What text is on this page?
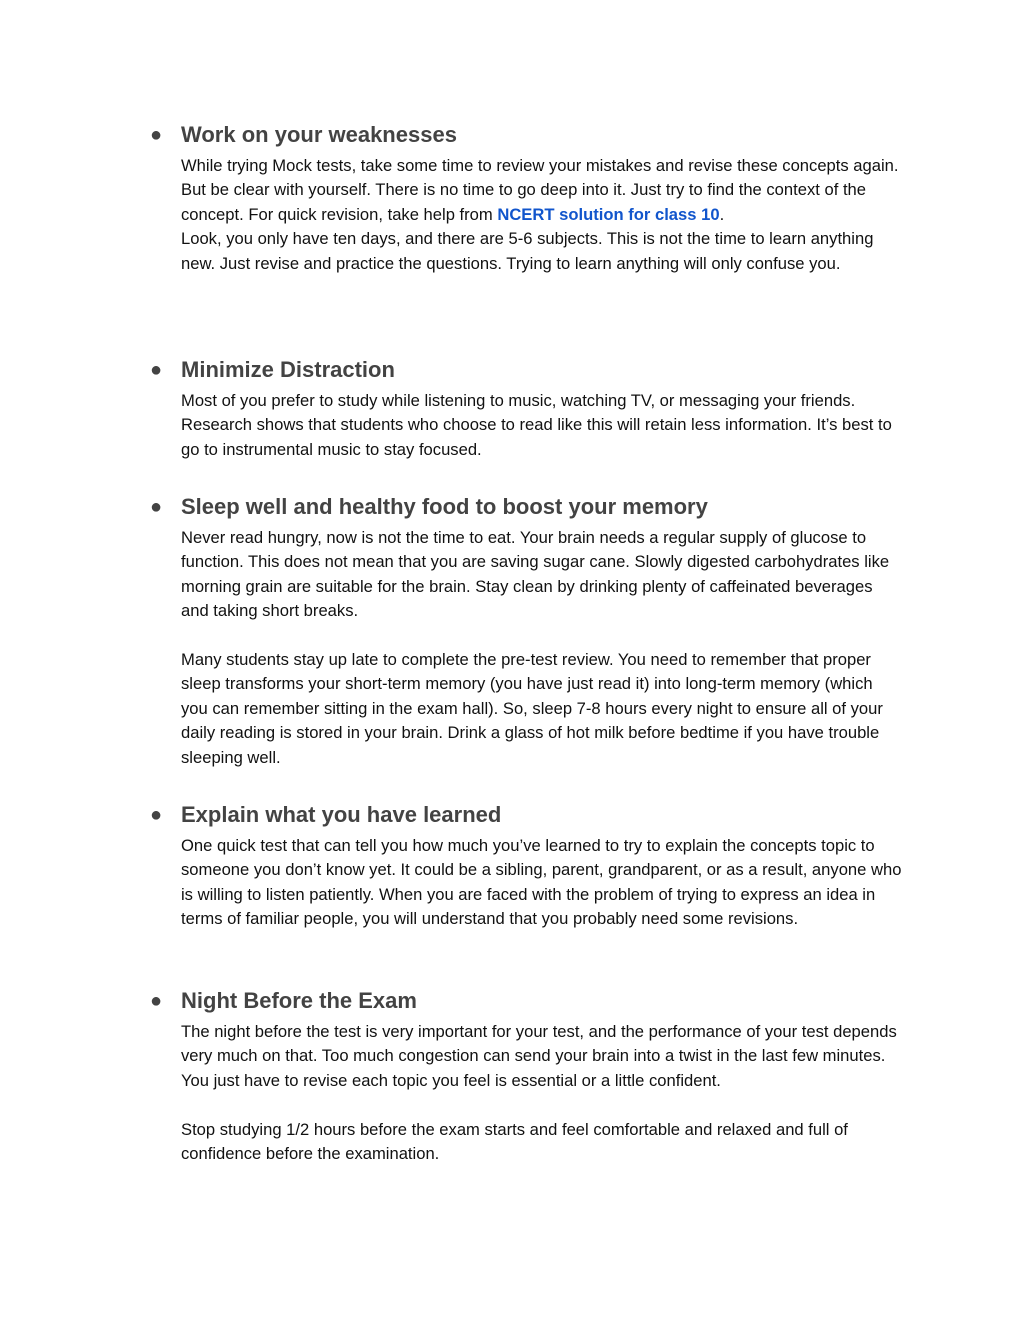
● Work on your weaknesses

While trying Mock tests, take some time to review your mistakes and revise these concepts again. But be clear with yourself. There is no time to go deep into it. Just try to find the context of the concept. For quick revision, take help from NCERT solution for class 10.

Look, you only have ten days, and there are 5-6 subjects. This is not the time to learn anything new. Just revise and practice the questions. Trying to learn anything will only confuse you.

● Minimize Distraction

Most of you prefer to study while listening to music, watching TV, or messaging your friends. Research shows that students who choose to read like this will retain less information. It’s best to go to instrumental music to stay focused.

● Sleep well and healthy food to boost your memory

Never read hungry, now is not the time to eat. Your brain needs a regular supply of glucose to function. This does not mean that you are saving sugar cane. Slowly digested carbohydrates like morning grain are suitable for the brain. Stay clean by drinking plenty of caffeinated beverages and taking short breaks.

Many students stay up late to complete the pre-test review. You need to remember that proper sleep transforms your short-term memory (you have just read it) into long-term memory (which you can remember sitting in the exam hall). So, sleep 7-8 hours every night to ensure all of your daily reading is stored in your brain. Drink a glass of hot milk before bedtime if you have trouble sleeping well.

● Explain what you have learned

One quick test that can tell you how much you’ve learned to try to explain the concepts topic to someone you don’t know yet. It could be a sibling, parent, grandparent, or as a result, anyone who is willing to listen patiently. When you are faced with the problem of trying to express an idea in terms of familiar people, you will understand that you probably need some revisions.

● Night Before the Exam

The night before the test is very important for your test, and the performance of your test depends very much on that. Too much congestion can send your brain into a twist in the last few minutes. You just have to revise each topic you feel is essential or a little confident.

Stop studying 1/2 hours before the exam starts and feel comfortable and relaxed and full of confidence before the examination.
